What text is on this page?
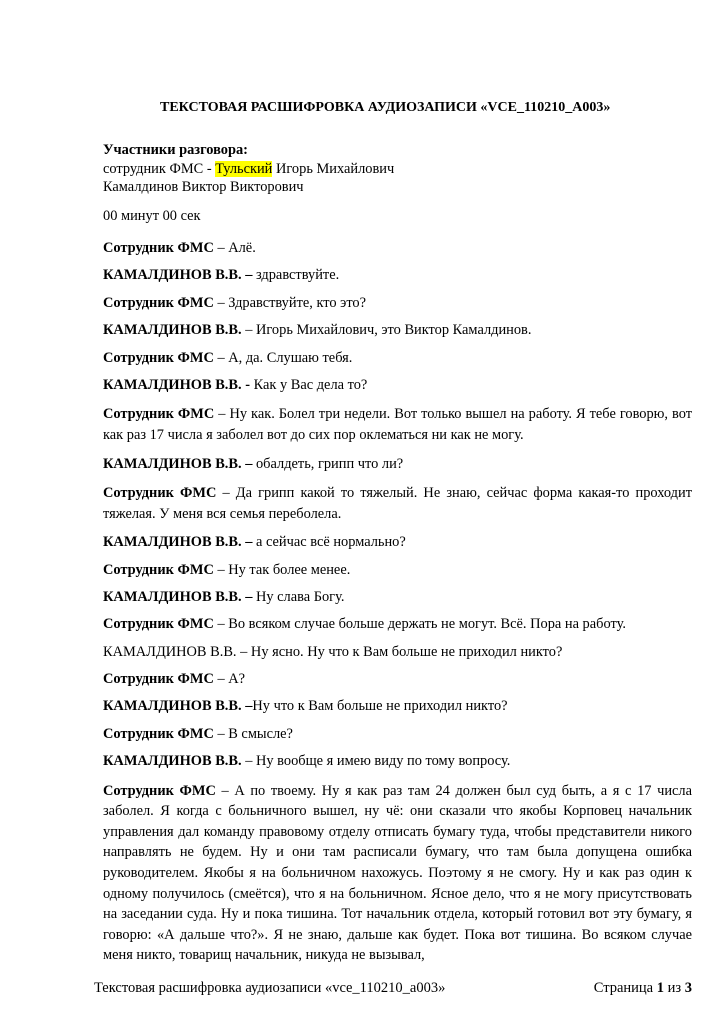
ТЕКСТОВАЯ РАСШИФРОВКА АУДИОЗАПИСИ «VCE_110210_A003»
Участники разговора:
сотрудник ФМС - Тульский Игорь Михайлович
Камалдинов Виктор Викторович
00 минут 00 сек
Сотрудник ФМС – Алё.
КАМАЛДИНОВ В.В. – здравствуйте.
Сотрудник ФМС – Здравствуйте, кто это?
КАМАЛДИНОВ В.В. – Игорь Михайлович, это Виктор Камалдинов.
Сотрудник ФМС – А, да. Слушаю тебя.
КАМАЛДИНОВ В.В. - Как у Вас дела то?
Сотрудник ФМС – Ну как. Болел три недели. Вот только вышел на работу. Я тебе говорю, вот как раз 17 числа я заболел вот до сих пор оклематься ни как не могу.
КАМАЛДИНОВ В.В. – обалдеть, грипп что ли?
Сотрудник ФМС – Да грипп какой то тяжелый. Не знаю, сейчас форма какая-то проходит тяжелая. У меня вся семья переболела.
КАМАЛДИНОВ В.В. – а сейчас всё нормально?
Сотрудник ФМС – Ну так более менее.
КАМАЛДИНОВ В.В. – Ну слава Богу.
Сотрудник ФМС – Во всяком случае больше держать не могут. Всё. Пора на работу.
КАМАЛДИНОВ В.В. – Ну ясно. Ну что к Вам больше не приходил никто?
Сотрудник ФМС – А?
КАМАЛДИНОВ В.В. –Ну что к Вам больше не приходил никто?
Сотрудник ФМС – В смысле?
КАМАЛДИНОВ В.В. – Ну вообще я имею виду по тому вопросу.
Сотрудник ФМС – А по твоему. Ну я как раз там 24 должен был суд быть, а я с 17 числа заболел. Я когда с больничного вышел, ну чё: они сказали что якобы Корповец начальник управления дал команду правовому отделу отписать бумагу туда, чтобы представители никого направлять не будем. Ну и они там расписали бумагу, что там была допущена ошибка руководителем. Якобы я на больничном нахожусь. Поэтому я не смогу. Ну и как раз один к одному получилось (смеётся), что я на больничном. Ясное дело, что я не могу присутствовать на заседании суда. Ну и пока тишина. Тот начальник отдела, который готовил вот эту бумагу, я говорю: «А дальше что?». Я не знаю, дальше как будет. Пока вот тишина. Во всяком случае меня никто, товарищ начальник, никуда не вызывал,
Текстовая расшифровка аудиозаписи «vce_110210_a003»	Страница 1 из 3
